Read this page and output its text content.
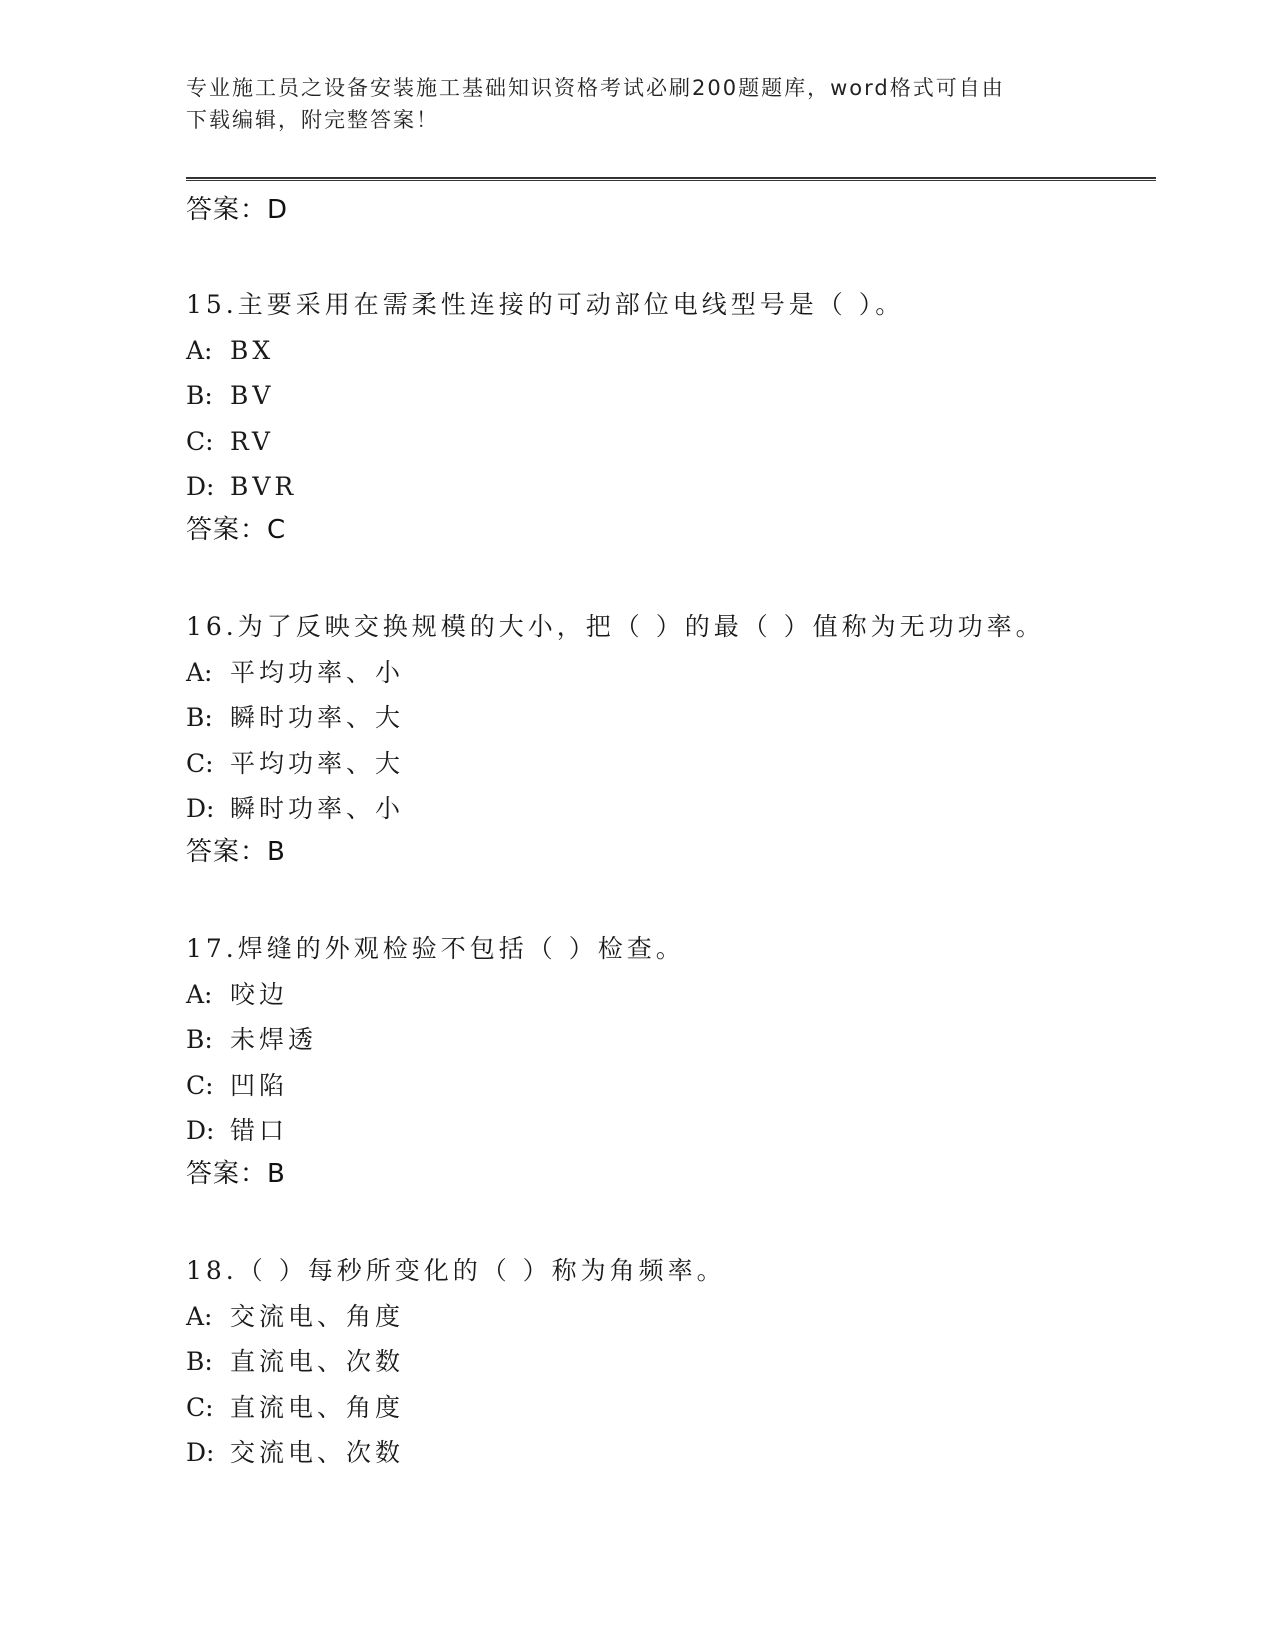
专业施工员之设备安装施工基础知识资格考试必刷200题题库，word格式可自由
下载编辑，附完整答案！
答案：D
15.主要采用在需柔性连接的可动部位电线型号是（ ）。
A: BX
B: BV
C: RV
D: BVR
答案：C
16.为了反映交换规模的大小，把（ ）的最（ ）值称为无功功率。
A: 平均功率、小
B: 瞬时功率、大
C: 平均功率、大
D: 瞬时功率、小
答案：B
17.焊缝的外观检验不包括（ ）检查。
A: 咬边
B: 未焊透
C: 凹陷
D: 错口
答案：B
18.（ ）每秒所变化的（ ）称为角频率。
A: 交流电、角度
B: 直流电、次数
C: 直流电、角度
D: 交流电、次数
